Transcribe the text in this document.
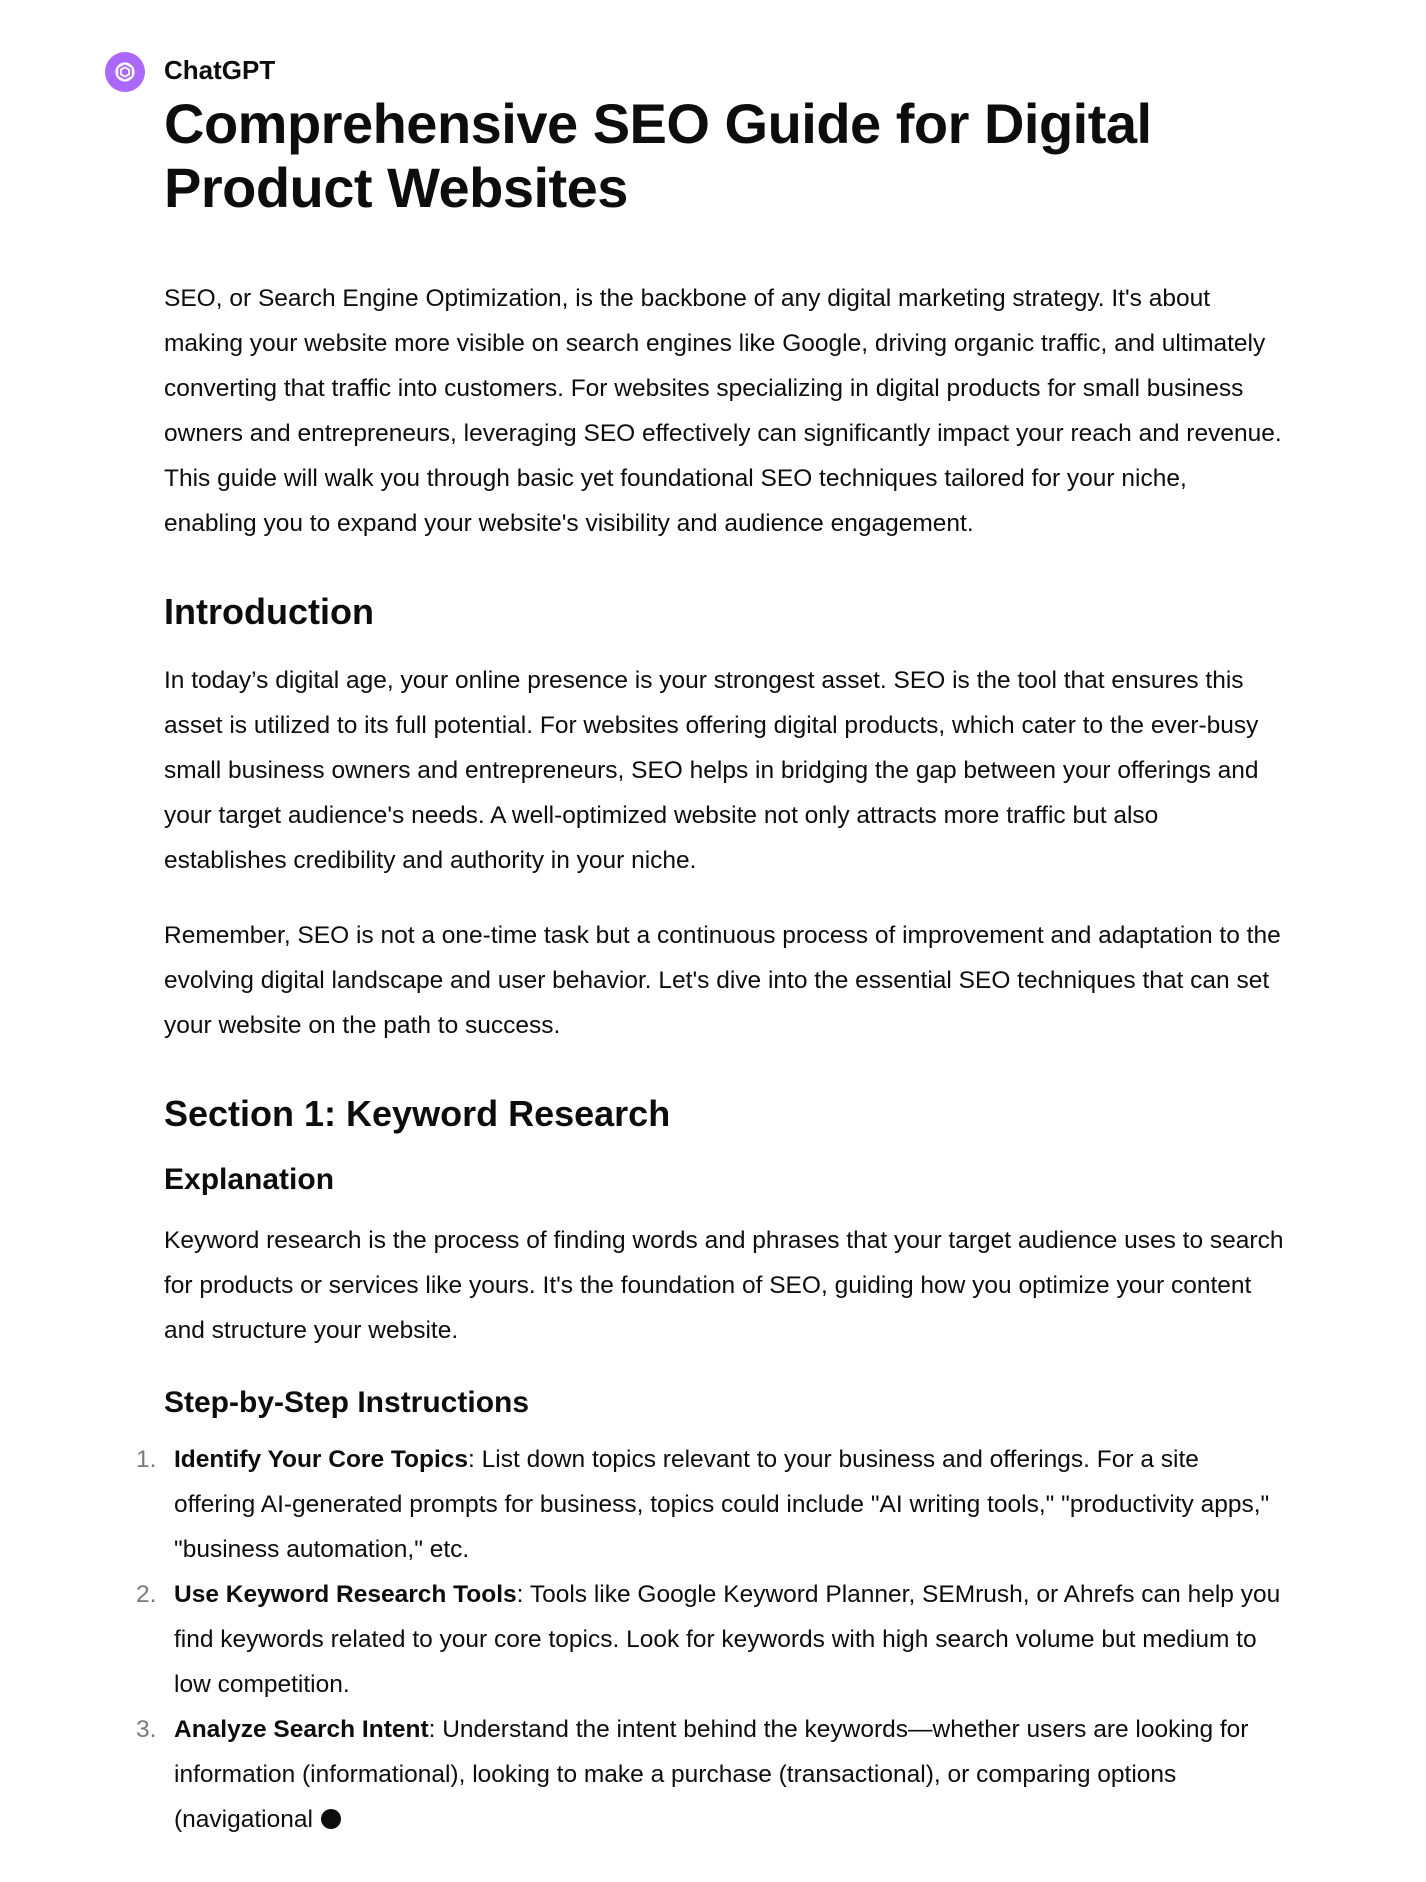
ChatGPT
Comprehensive SEO Guide for Digital Product Websites

SEO, or Search Engine Optimization, is the backbone of any digital marketing strategy. It's about making your website more visible on search engines like Google, driving organic traffic, and ultimately converting that traffic into customers. For websites specializing in digital products for small business owners and entrepreneurs, leveraging SEO effectively can significantly impact your reach and revenue. This guide will walk you through basic yet foundational SEO techniques tailored for your niche, enabling you to expand your website's visibility and audience engagement.

Introduction

In today’s digital age, your online presence is your strongest asset. SEO is the tool that ensures this asset is utilized to its full potential. For websites offering digital products, which cater to the ever-busy small business owners and entrepreneurs, SEO helps in bridging the gap between your offerings and your target audience's needs. A well-optimized website not only attracts more traffic but also establishes credibility and authority in your niche.

Remember, SEO is not a one-time task but a continuous process of improvement and adaptation to the evolving digital landscape and user behavior. Let's dive into the essential SEO techniques that can set your website on the path to success.

Section 1: Keyword Research
Explanation

Keyword research is the process of finding words and phrases that your target audience uses to search for products or services like yours. It's the foundation of SEO, guiding how you optimize your content and structure your website.

Step-by-Step Instructions
1. Identify Your Core Topics: List down topics relevant to your business and offerings. For a site offering AI-generated prompts for business, topics could include "AI writing tools," "productivity apps," "business automation," etc.
2. Use Keyword Research Tools: Tools like Google Keyword Planner, SEMrush, or Ahrefs can help you find keywords related to your core topics. Look for keywords with high search volume but medium to low competition.
3. Analyze Search Intent: Understand the intent behind the keywords—whether users are looking for information (informational), looking to make a purchase (transactional), or comparing options (navigational
